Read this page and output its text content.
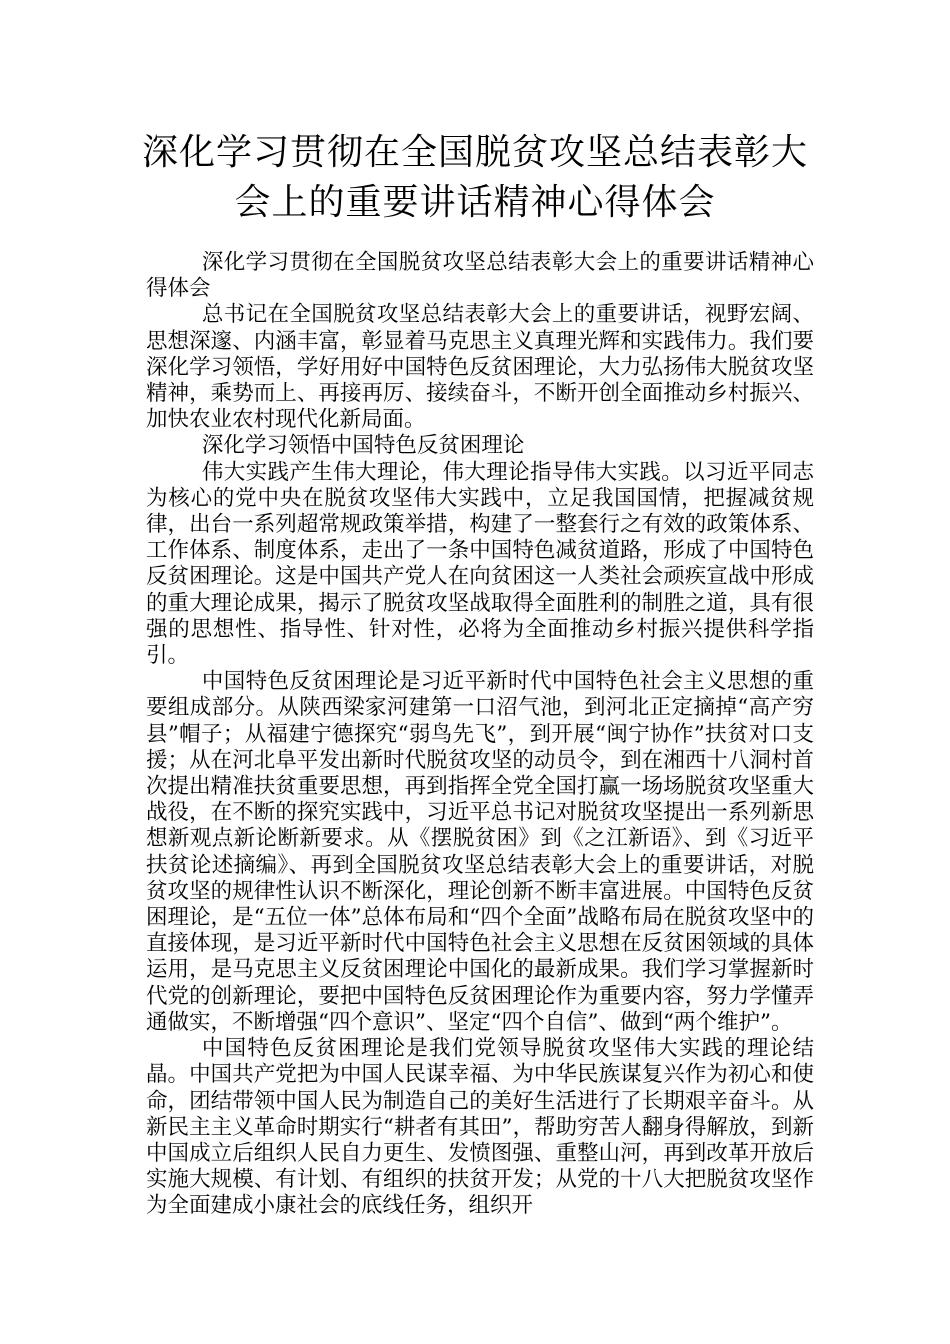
深化学习贯彻在全国脱贫攻坚总结表彰大
会上的重要讲话精神心得体会

深化学习贯彻在全国脱贫攻坚总结表彰大会上的重要讲话精神心得体会

总书记在全国脱贫攻坚总结表彰大会上的重要讲话，视野宏阔、思想深邃、内涵丰富，彰显着马克思主义真理光辉和实践伟力。我们要深化学习领悟，学好用好中国特色反贫困理论，大力弘扬伟大脱贫攻坚精神，乘势而上、再接再厉、接续奋斗，不断开创全面推动乡村振兴、加快农业农村现代化新局面。

深化学习领悟中国特色反贫困理论

伟大实践产生伟大理论，伟大理论指导伟大实践。以习近平同志为核心的党中央在脱贫攻坚伟大实践中，立足我国国情，把握减贫规律，出台一系列超常规政策举措，构建了一整套行之有效的政策体系、工作体系、制度体系，走出了一条中国特色减贫道路，形成了中国特色反贫困理论。这是中国共产党人在向贫困这一人类社会顽疾宣战中形成的重大理论成果，揭示了脱贫攻坚战取得全面胜利的制胜之道，具有很强的思想性、指导性、针对性，必将为全面推动乡村振兴提供科学指引。

中国特色反贫困理论是习近平新时代中国特色社会主义思想的重要组成部分。从陕西梁家河建第一口沼气池，到河北正定摘掉“高产穷县”帽子；从福建宁德探究“弱鸟先飞”，到开展“闽宁协作”扶贫对口支援；从在河北阜平发出新时代脱贫攻坚的动员令，到在湘西十八洞村首次提出精准扶贫重要思想，再到指挥全党全国打赢一场场脱贫攻坚重大战役，在不断的探究实践中，习近平总书记对脱贫攻坚提出一系列新思想新观点新论断新要求。从《摆脱贫困》到《之江新语》、到《习近平扶贫论述摘编》、再到全国脱贫攻坚总结表彰大会上的重要讲话，对脱贫攻坚的规律性认识不断深化，理论创新不断丰富进展。中国特色反贫困理论，是“五位一体”总体布局和“四个全面”战略布局在脱贫攻坚中的直接体现，是习近平新时代中国特色社会主义思想在反贫困领域的具体运用，是马克思主义反贫困理论中国化的最新成果。我们学习掌握新时代党的创新理论，要把中国特色反贫困理论作为重要内容，努力学懂弄通做实，不断增强“四个意识”、坚定“四个自信”、做到“两个维护”。

中国特色反贫困理论是我们党领导脱贫攻坚伟大实践的理论结晶。中国共产党把为中国人民谋幸福、为中华民族谋复兴作为初心和使命，团结带领中国人民为制造自己的美好生活进行了长期艰辛奋斗。从新民主主义革命时期实行“耕者有其田”，帮助穷苦人翻身得解放，到新中国成立后组织人民自力更生、发愤图强、重整山河，再到改革开放后实施大规模、有计划、有组织的扶贫开发；从党的十八大把脱贫攻坚作为全面建成小康社会的底线任务，组织开
